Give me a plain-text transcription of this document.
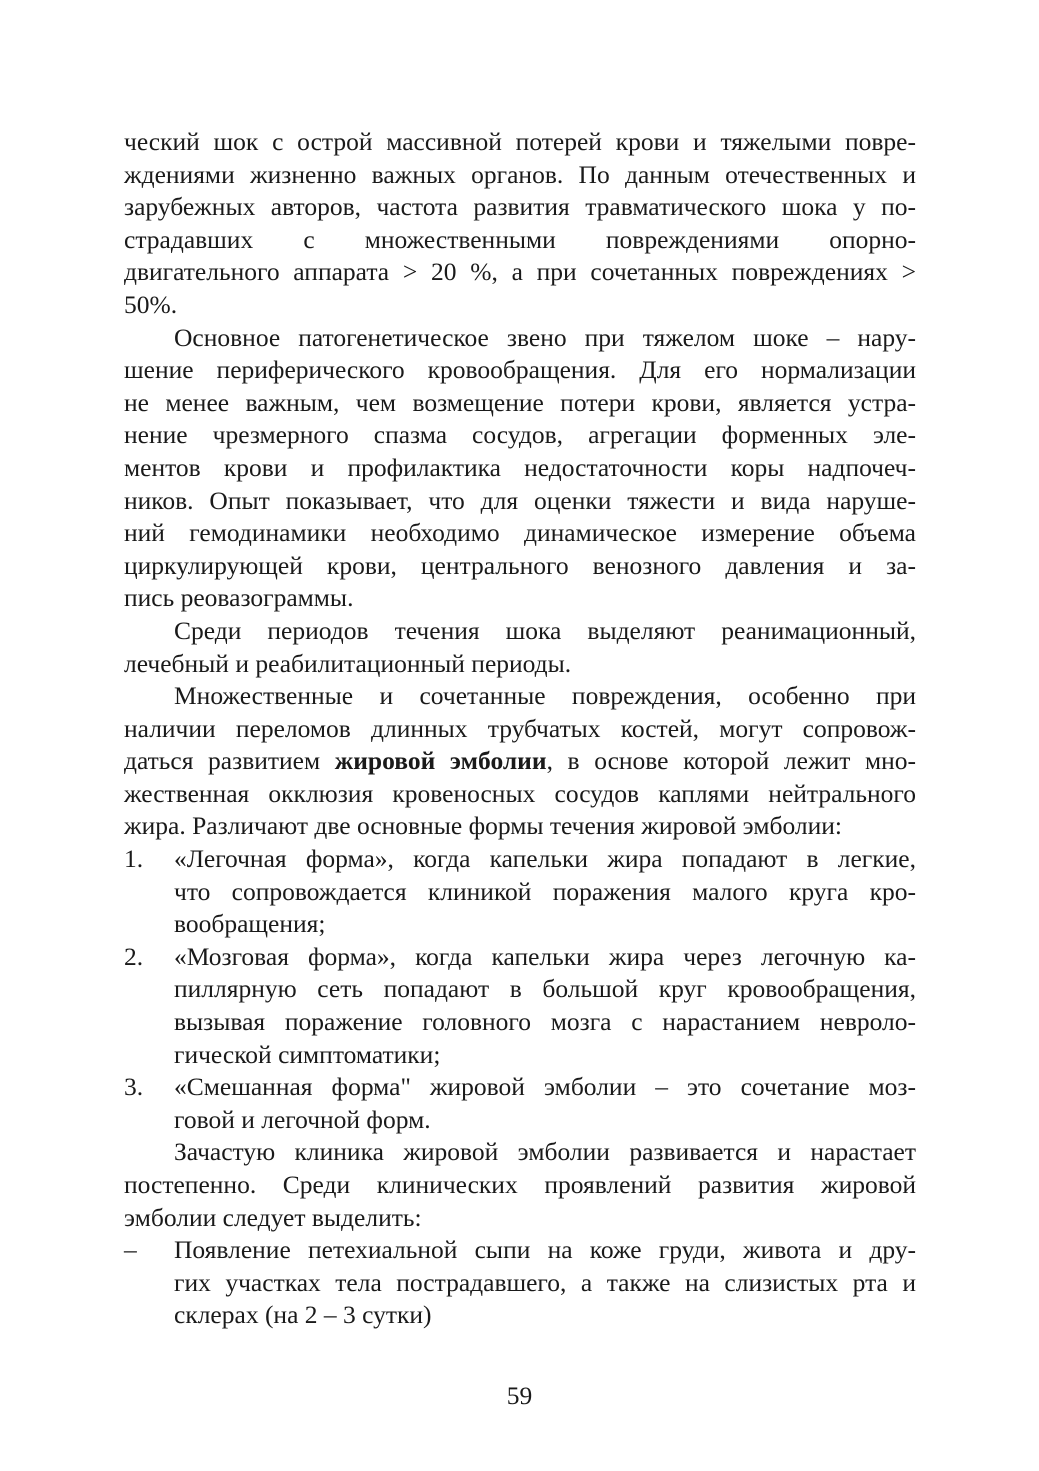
ческий шок с острой массивной потерей крови и тяжелыми повре-
ждениями жизненно важных органов. По данным отечественных и
зарубежных авторов, частота развития травматического шока у по-
страдавших с множественными повреждениями опорно-
двигательного аппарата > 20 %, а при сочетанных повреждениях >
50%.

Основное патогенетическое звено при тяжелом шоке – нару-
шение периферического кровообращения. Для его нормализации
не менее важным, чем возмещение потери крови, является устра-
нение чрезмерного спазма сосудов, агрегации форменных эле-
ментов крови и профилактика недостаточности коры надпочеч-
ников. Опыт показывает, что для оценки тяжести и вида наруше-
ний гемодинамики необходимо динамическое измерение объема
циркулирующей крови, центрального венозного давления и за-
пись реовазограммы.

Среди периодов течения шока выделяют реанимационный,
лечебный и реабилитационный периоды.

Множественные и сочетанные повреждения, особенно при
наличии переломов длинных трубчатых костей, могут сопровож-
даться развитием жировой эмболии, в основе которой лежит мно-
жественная окклюзия кровеносных сосудов каплями нейтрального
жира. Различают две основные формы течения жировой эмболии:

1. «Легочная форма», когда капельки жира попадают в легкие,
что сопровождается клиникой поражения малого круга кро-
вообращения;
2. «Мозговая форма», когда капельки жира через легочную ка-
пиллярную сеть попадают в большой круг кровообращения,
вызывая поражение головного мозга с нарастанием невроло-
гической симптоматики;
3. «Смешанная форма" жировой эмболии – это сочетание моз-
говой и легочной форм.

Зачастую клиника жировой эмболии развивается и нарастает
постепенно. Среди клинических проявлений развития жировой
эмболии следует выделить:

– Появление петехиальной сыпи на коже груди, живота и дру-
гих участках тела пострадавшего, а также на слизистых рта и
склерах (на 2 – 3 сутки)
59
